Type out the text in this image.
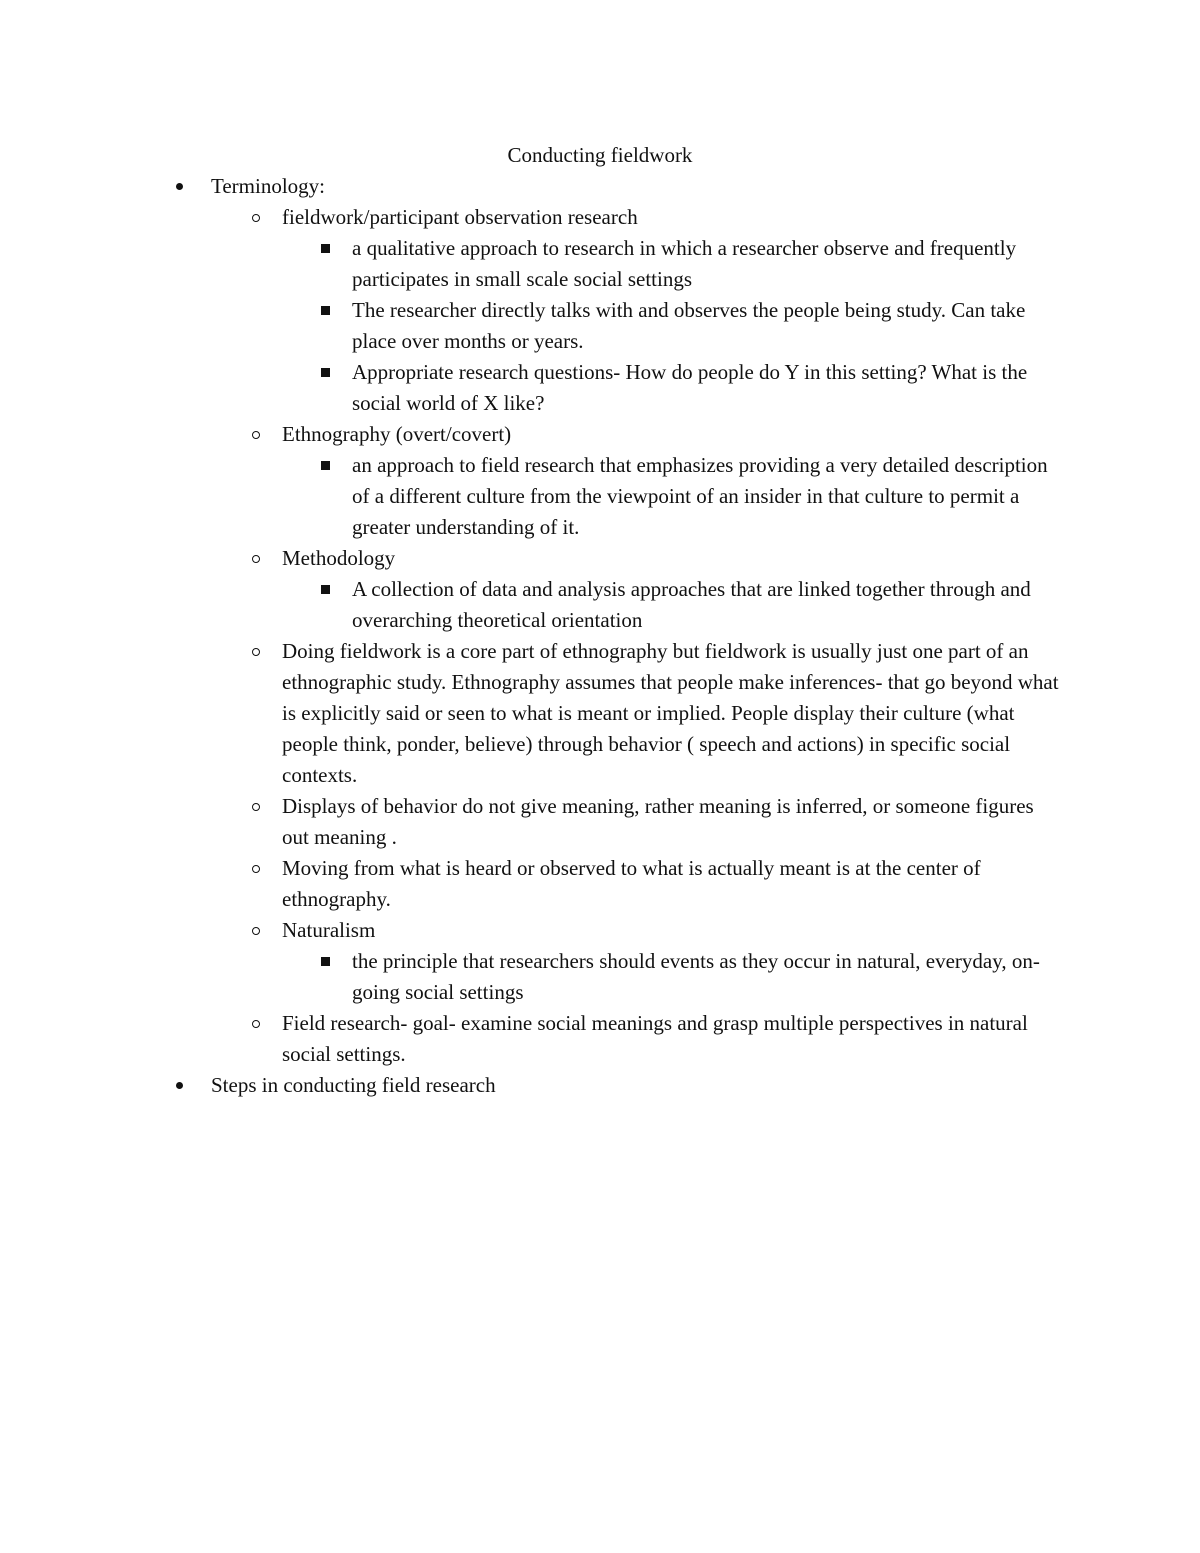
Conducting fieldwork
Terminology:
fieldwork/participant observation research
a qualitative approach to research in which a researcher observe and frequently participates in small scale social settings
The researcher directly talks with and observes the people being study. Can take place over months or years.
Appropriate research questions- How do people do Y in this setting? What is the social world of X like?
Ethnography (overt/covert)
an approach to field research that emphasizes providing a very detailed description of a different culture from the viewpoint of an insider in that culture to permit a greater understanding of it.
Methodology
A collection of data and analysis approaches that are linked together through and overarching theoretical orientation
Doing fieldwork is a core part of ethnography but fieldwork is usually just one part of an ethnographic study. Ethnography assumes that people make inferences- that go beyond what is explicitly said or seen to what is meant or implied. People display their culture (what people think, ponder, believe) through behavior ( speech and actions) in specific social contexts.
Displays of behavior do not give meaning, rather meaning is inferred, or someone figures out meaning .
Moving from what is heard or observed to what is actually meant is at the center of ethnography.
Naturalism
the principle that researchers should events as they occur in natural, everyday, on-going social settings
Field research- goal- examine social meanings and grasp multiple perspectives in natural social settings.
Steps in conducting field research
